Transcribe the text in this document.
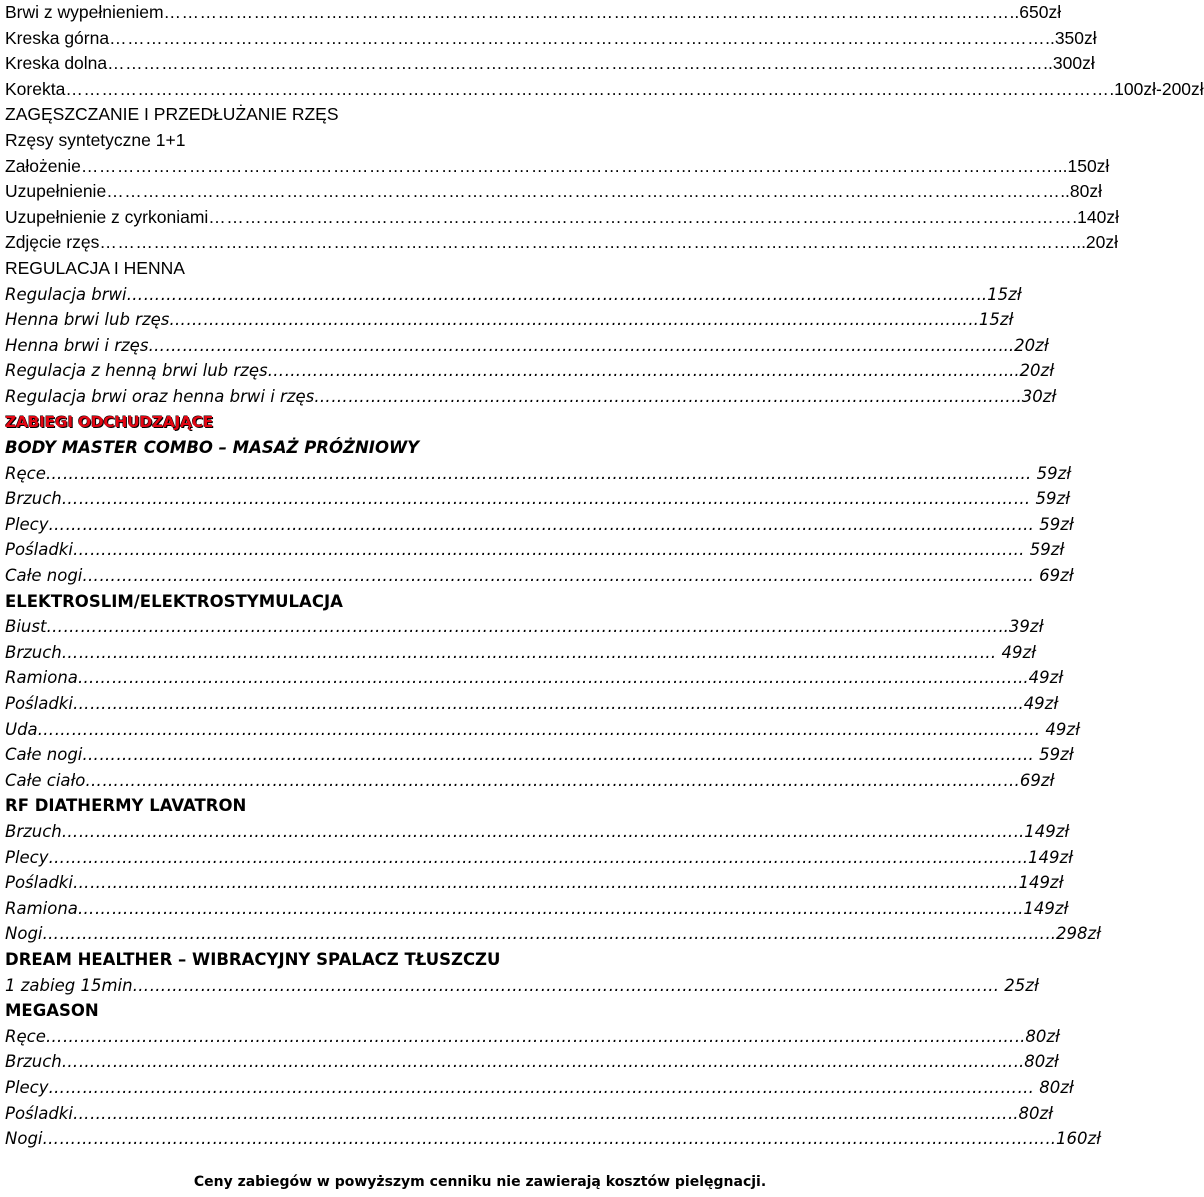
Brwi z wypełnieniem …………………………………………………………………………………………………………………………… ..650zł
Kreska górna ………………………………………………………………………………………………………………………………………… ..350zł
Kreska dolna ………………………………………………………………………………………………………………………………………… ..300zł
Korekta ………………………………………………………………………………………………………………………………………………………… .100zł-200zł
ZAGĘSZCZANIE I PRZEDŁUŻANIE RZĘS
Rzęsy syntetyczne 1+1
Założenie ……………………………………………………………………………………………………………………………………………… ...150zł
Uzupełnienie …………………………………………………………………………………………………………………………………………… ..80zł
Uzupełnienie z cyrkoniami ……………………………………………………………………………………………………………………………… .140zł
Zdjęcie rzęs ……………………………………………………………………………………………………………………………………………… ...20zł
REGULACJA I HENNA
Regulacja brwi …………………………………………………………………………………………………………………………………… ..15zł
Henna brwi lub rzęs …………………………………………………………………………………………………………………………… ..15zł
Henna brwi i rzęs …………………………………………………………………………………………………………………………………… ...20zł
Regulacja z henną brwi lub rzęs ………………………………………………………………………………………………………………… ....20zł
Regulacja brwi oraz henna brwi i rzęs …………………………………………………………………………………………………………… ..30zł
ZABIEGI ODCHUDZAJĄCE
BODY MASTER COMBO – MASAŻ PRÓŻNIOWY
Ręce ……………………………………………………………………………………………………………………………………………………… … 59zł
Brzuch …………………………………………………………………………………………………………………………………………………… … 59zł
Plecy ……………………………………………………………………………………………………………………………………………………… … 59zł
Pośladki ………………………………………………………………………………………………………………………………………………… … 59zł
Całe nogi ………………………………………………………………………………………………………………………………………………… … 69zł
ELEKTROSLIM/ELEKTROSTYMULACJA
Biust …………………………………………………………………………………………………………………………………………………… ..39zł
Brzuch ……………………………………………………………………………………………………………………………………………… … 49zł
Ramiona ………………………………………………………………………………………………………………………………………………… ...49zł
Pośladki ………………………………………………………………………………………………………………………………………………… ...49zł
Uda ………………………………………………………………………………………………………………………………………………………… … 49zł
Całe nogi ………………………………………………………………………………………………………………………………………………… … 59zł
Całe ciało ……………………………………………………………………………………………………………………………………………… …69zł
RF DIATHERMY LAVATRON
Brzuch …………………………………………………………………………………………………………………………………………………… ..149zł
Plecy ……………………………………………………………………………………………………………………………………………………… ..149zł
Pośladki ………………………………………………………………………………………………………………………………………………… ..149zł
Ramiona ………………………………………………………………………………………………………………………………………………… ..149zł
Nogi …………………………………………………………………………………………………………………………………………………………… ..298zł
DREAM HEALTHER – WIBRACYJNY SPALACZ TŁUSZCZU
1 zabieg 15min …………………………………………………………………………………………………………………………………… … 25zł
MEGASON
Ręce ……………………………………………………………………………………………………………………………………………………… ..80zł
Brzuch …………………………………………………………………………………………………………………………………………………… ..80zł
Plecy ……………………………………………………………………………………………………………………………………………………… … 80zł
Pośladki ………………………………………………………………………………………………………………………………………………… ..80zł
Nogi …………………………………………………………………………………………………………………………………………………………… ..160zł
Ceny zabiegów w powyższym cenniku nie zawierają kosztów pielęgnacji.
